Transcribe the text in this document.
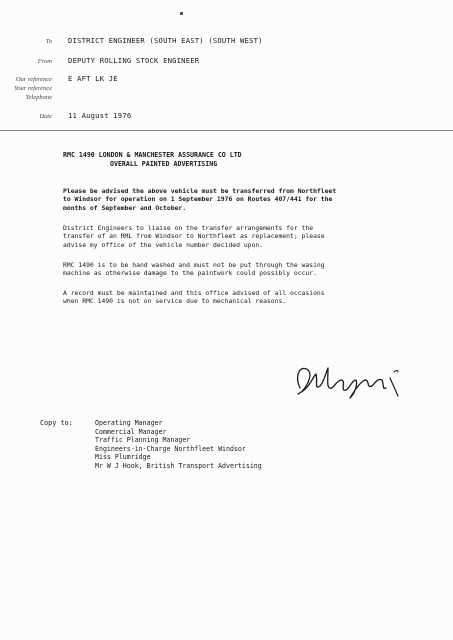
To DISTRICT ENGINEER (SOUTH EAST) (SOUTH WEST)
From DEPUTY ROLLING STOCK ENGINEER
Our reference E AFT LK JE
Your reference
Telephone
Date 11 August 1976
RMC 1490 LONDON & MANCHESTER ASSURANCE CO LTD
OVERALL PAINTED ADVERTISING
Please be advised the above vehicle must be transferred from Northfleet
to Windsor for operation on 1 September 1976 on Routes 407/441 for the
months of September and October.
District Engineers to liaise on the transfer arrangements for the
transfer of an RML from Windsor to Northfleet as replacement; please
advise my office of the vehicle number decided upon.
RMC 1490 is to be hand washed and must not be put through the wasing
machine as otherwise damage to the paintwork could possibly occur.
A record must be maintained and this office advised of all occasions
when RMC 1490 is not on service due to mechanical reasons.
Copy to:	Operating Manager
Commercial Manager
Traffic Planning Manager
Engineers-in-Charge Northfleet Windsor
Miss Plumridge
Mr W J Hook, British Transport Advertising
